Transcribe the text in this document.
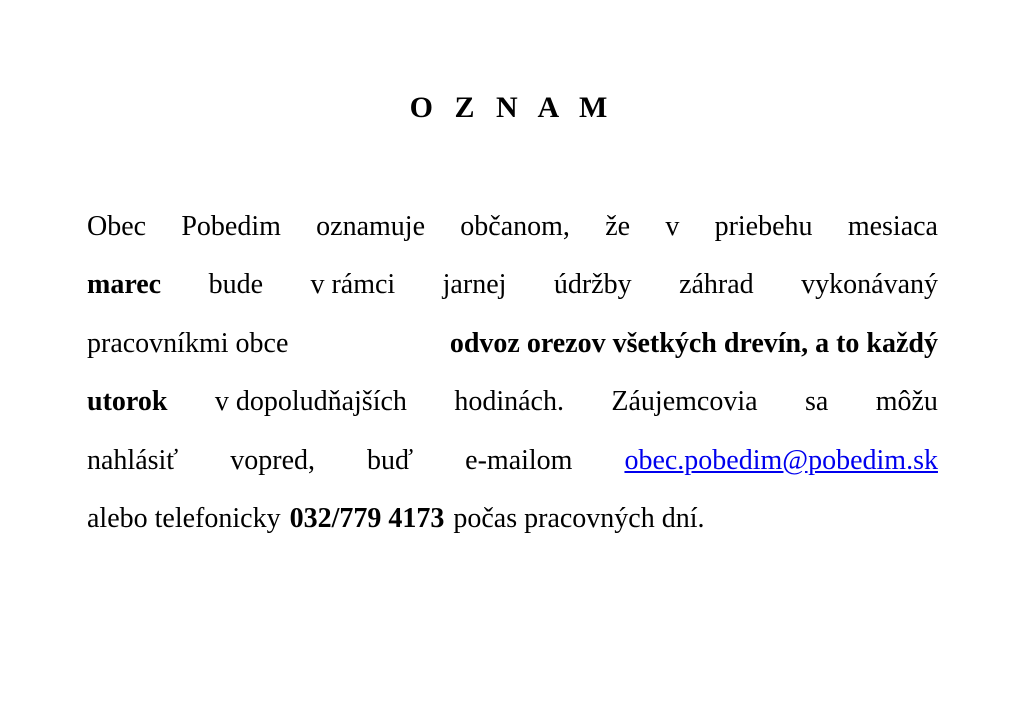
O Z N A M
Obec Pobedim oznamuje občanom, že v priebehu mesiaca
marec bude v rámci jarnej údržby záhrad vykonávaný
pracovníkmi obce	odvoz orezov všetkých drevín, a to každý
utorok v dopoludňajších hodinách. Záujemcovia sa môžu
nahlásiť vopred, buď e-mailom obec.pobedim@pobedim.sk
alebo telefonicky 032/779 4173 počas pracovných dní.
